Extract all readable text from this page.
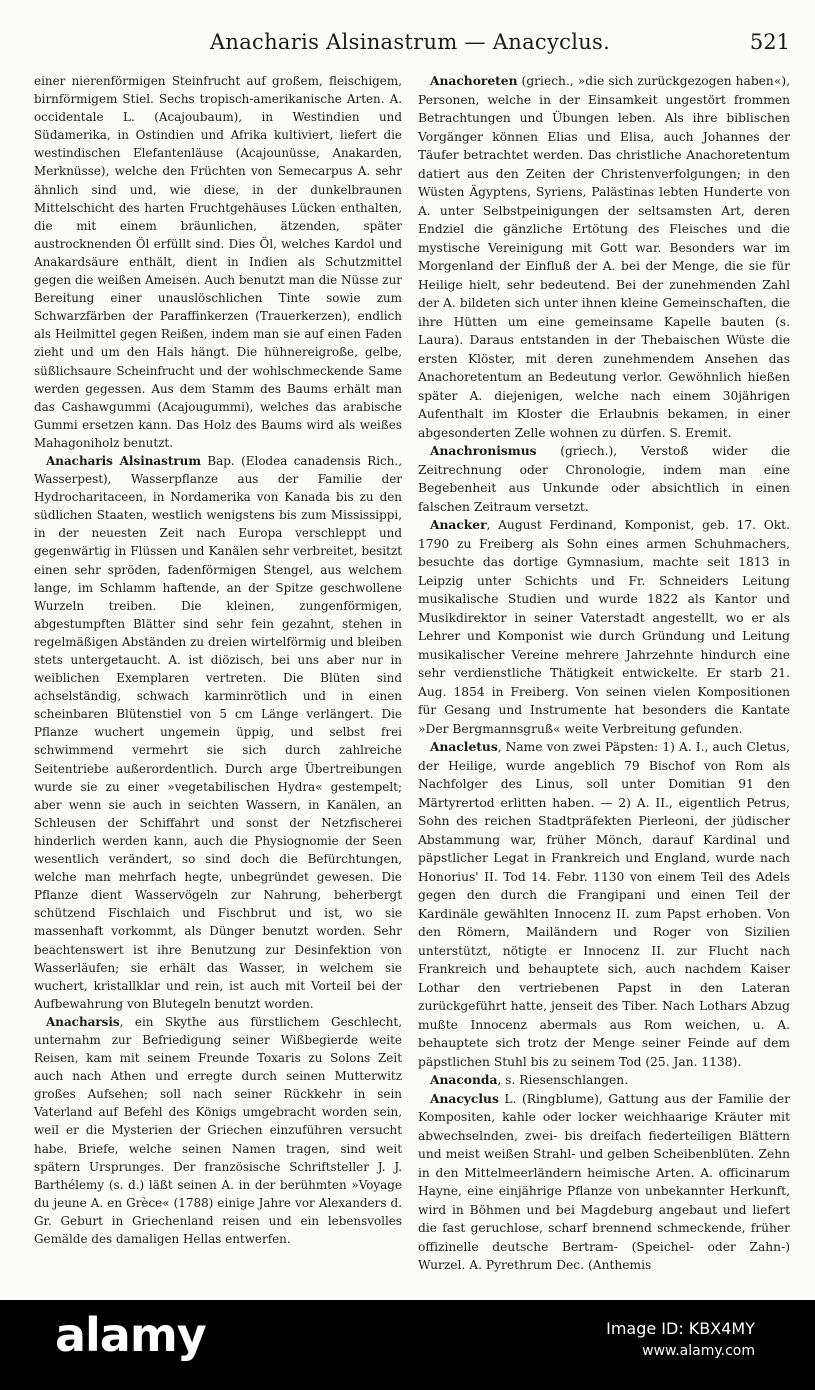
Anacharis Alsinastrum — Anacyclus.	521

einer nierenförmigen Steinfrucht auf großem, fleischigem, birnförmigem Stiel. Sechs tropisch-amerikanische Arten. A. occidentale L. (Acajoubaum), in Westindien und Südamerika, in Ostindien und Afrika kultiviert, liefert die westindischen Elefantenläuse (Acajounüsse, Anakarden, Merknüsse), welche den Früchten von Semecarpus A. sehr ähnlich sind und, wie diese, in der dunkelbraunen Mittelschicht des harten Fruchtgehäuses Lücken enthalten, die mit einem bräunlichen, ätzenden, später austrocknenden Öl erfüllt sind. Dies Öl, welches Kardol und Anakardsäure enthält, dient in Indien als Schutzmittel gegen die weißen Ameisen. Auch benutzt man die Nüsse zur Bereitung einer unauslöschlichen Tinte sowie zum Schwarzfärben der Paraffinkerzen (Trauerkerzen), endlich als Heilmittel gegen Reißen, indem man sie auf einen Faden zieht und um den Hals hängt. Die hühnereigroße, gelbe, süßlichsaure Scheinfrucht und der wohlschmeckende Same werden gegessen. Aus dem Stamm des Baums erhält man das Cashawgummi (Acajougummi), welches das arabische Gummi ersetzen kann. Das Holz des Baums wird als weißes Mahagoniholz benutzt.

Anacharis Alsinastrum Bap. (Elodea canadensis Rich., Wasserpest), Wasserpflanze aus der Familie der Hydrocharitaceen, in Nordamerika von Kanada bis zu den südlichen Staaten, westlich wenigstens bis zum Mississippi, in der neuesten Zeit nach Europa verschleppt und gegenwärtig in Flüssen und Kanälen sehr verbreitet, besitzt einen sehr spröden, fadenförmigen Stengel, aus welchem lange, im Schlamm haftende, an der Spitze geschwollene Wurzeln treiben. Die kleinen, zungenförmigen, abgestumpften Blätter sind sehr fein gezahnt, stehen in regelmäßigen Abständen zu dreien wirtelförmig und bleiben stets untergetaucht. A. ist diözisch, bei uns aber nur in weiblichen Exemplaren vertreten. Die Blüten sind achselständig, schwach karminrötlich und in einen scheinbaren Blütenstiel von 5 cm Länge verlängert. Die Pflanze wuchert ungemein üppig, und selbst frei schwimmend vermehrt sie sich durch zahlreiche Seitentriebe außerordentlich. Durch arge Übertreibungen wurde sie zu einer »vegetabilischen Hydra« gestempelt; aber wenn sie auch in seichten Wassern, in Kanälen, an Schleusen der Schiffahrt und sonst der Netzfischerei hinderlich werden kann, auch die Physiognomie der Seen wesentlich verändert, so sind doch die Befürchtungen, welche man mehrfach hegte, unbegründet gewesen. Die Pflanze dient Wasservögeln zur Nahrung, beherbergt schützend Fischlaich und Fischbrut und ist, wo sie massenhaft vorkommt, als Dünger benutzt worden. Sehr beachtenswert ist ihre Benutzung zur Desinfektion von Wasserläufen; sie erhält das Wasser, in welchem sie wuchert, kristallklar und rein, ist auch mit Vorteil bei der Aufbewahrung von Blutegeln benutzt worden.

Anacharsis, ein Skythe aus fürstlichem Geschlecht, unternahm zur Befriedigung seiner Wißbegierde weite Reisen, kam mit seinem Freunde Toxaris zu Solons Zeit auch nach Athen und erregte durch seinen Mutterwitz großes Aufsehen; soll nach seiner Rückkehr in sein Vaterland auf Befehl des Königs umgebracht worden sein, weil er die Mysterien der Griechen einzuführen versucht habe. Briefe, welche seinen Namen tragen, sind weit spätern Ursprunges. Der französische Schriftsteller J. J. Barthélemy (s. d.) läßt seinen A. in der berühmten »Voyage du jeune A. en Grèce« (1788) einige Jahre vor Alexanders d. Gr. Geburt in Griechenland reisen und ein lebensvolles Gemälde des damaligen Hellas entwerfen.

Anachoreten (griech., »die sich zurückgezogen haben«), Personen, welche in der Einsamkeit ungestört frommen Betrachtungen und Übungen leben. Als ihre biblischen Vorgänger können Elias und Elisa, auch Johannes der Täufer betrachtet werden. Das christliche Anachoretentum datiert aus den Zeiten der Christenverfolgungen; in den Wüsten Ägyptens, Syriens, Palästinas lebten Hunderte von A. unter Selbstpeinigungen der seltsamsten Art, deren Endziel die gänzliche Ertötung des Fleisches und die mystische Vereinigung mit Gott war. Besonders war im Morgenland der Einfluß der A. bei der Menge, die sie für Heilige hielt, sehr bedeutend. Bei der zunehmenden Zahl der A. bildeten sich unter ihnen kleine Gemeinschaften, die ihre Hütten um eine gemeinsame Kapelle bauten (s. Laura). Daraus entstanden in der Thebaischen Wüste die ersten Klöster, mit deren zunehmendem Ansehen das Anachoretentum an Bedeutung verlor. Gewöhnlich hießen später A. diejenigen, welche nach einem 30jährigen Aufenthalt im Kloster die Erlaubnis bekamen, in einer abgesonderten Zelle wohnen zu dürfen. S. Eremit.

Anachronismus (griech.), Verstoß wider die Zeitrechnung oder Chronologie, indem man eine Begebenheit aus Unkunde oder absichtlich in einen falschen Zeitraum versetzt.

Anacker, August Ferdinand, Komponist, geb. 17. Okt. 1790 zu Freiberg als Sohn eines armen Schuhmachers, besuchte das dortige Gymnasium, machte seit 1813 in Leipzig unter Schichts und Fr. Schneiders Leitung musikalische Studien und wurde 1822 als Kantor und Musikdirektor in seiner Vaterstadt angestellt, wo er als Lehrer und Komponist wie durch Gründung und Leitung musikalischer Vereine mehrere Jahrzehnte hindurch eine sehr verdienstliche Thätigkeit entwickelte. Er starb 21. Aug. 1854 in Freiberg. Von seinen vielen Kompositionen für Gesang und Instrumente hat besonders die Kantate »Der Bergmannsgruß« weite Verbreitung gefunden.

Anacletus, Name von zwei Päpsten: 1) A. I., auch Cletus, der Heilige, wurde angeblich 79 Bischof von Rom als Nachfolger des Linus, soll unter Domitian 91 den Märtyrertod erlitten haben. — 2) A. II., eigentlich Petrus, Sohn des reichen Stadtpräfekten Pierleoni, der jüdischer Abstammung war, früher Mönch, darauf Kardinal und päpstlicher Legat in Frankreich und England, wurde nach Honorius' II. Tod 14. Febr. 1130 von einem Teil des Adels gegen den durch die Frangipani und einen Teil der Kardinäle gewählten Innocenz II. zum Papst erhoben. Von den Römern, Mailändern und Roger von Sizilien unterstützt, nötigte er Innocenz II. zur Flucht nach Frankreich und behauptete sich, auch nachdem Kaiser Lothar den vertriebenen Papst in den Lateran zurückgeführt hatte, jenseit des Tiber. Nach Lothars Abzug mußte Innocenz abermals aus Rom weichen, u. A. behauptete sich trotz der Menge seiner Feinde auf dem päpstlichen Stuhl bis zu seinem Tod (25. Jan. 1138).

Anaconda, s. Riesenschlangen.

Anacyclus L. (Ringblume), Gattung aus der Familie der Kompositen, kahle oder locker weichhaarige Kräuter mit abwechselnden, zwei- bis dreifach fiederteiligen Blättern und meist weißen Strahl- und gelben Scheibenblüten. Zehn in den Mittelmeerländern heimische Arten. A. officinarum Hayne, eine einjährige Pflanze von unbekannter Herkunft, wird in Böhmen und bei Magdeburg angebaut und liefert die fast geruchlose, scharf brennend schmeckende, früher offizinelle deutsche Bertram- (Speichel- oder Zahn-) Wurzel. A. Pyrethrum Dec. (Anthemis

alamy	Image ID: KBX4MY
www.alamy.com
